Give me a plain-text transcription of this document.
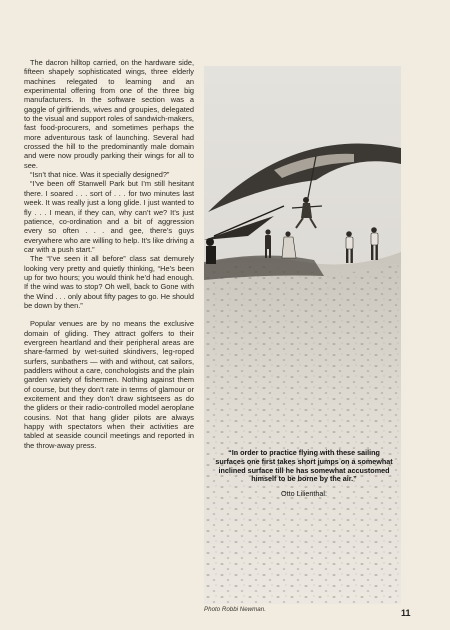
The dacron hilltop carried, on the hardware side, fifteen shapely sophisticated wings, three elderly machines relegated to learning and an experimental offering from one of the three big manufacturers. In the software section was a gaggle of girlfriends, wives and groupies, delegated to the visual and support roles of sandwich-makers, fast food-procurers, and sometimes perhaps the more adventurous task of launching. Several had crossed the hill to the predominantly male domain and were now proudly parking their wings for all to see.

“Isn’t that nice. Was it specially designed?”

“I’ve been off Stanwell Park but I’m still hesitant there. I soared . . . sort of . . . for two minutes last week. It was really just a long glide. I just wanted to fly . . . I mean, if they can, why can’t we? It’s just patience, co-ordination and a bit of aggression every so often . . . and gee, there’s guys everywhere who are willing to help. It’s like driving a car with a push start.”

The “I’ve seen it all before” class sat demurely looking very pretty and quietly thinking, “He’s been up for two hours; you would think he’d had enough. If the wind was to stop? Oh well, back to Gone with the Wind . . . only about fifty pages to go. He should be down by then.”

Popular venues are by no means the exclusive domain of gliding. They attract golfers to their evergreen heartland and their peripheral areas are share-farmed by wet-suited skindivers, leg-roped surfers, sunbathers — with and without, cat sailors, paddlers without a care, conchologists and the plain garden variety of fishermen. Nothing against them of course, but they don’t rate in terms of glamour or excitement and they don’t draw sightseers as do the gliders or their radio-controlled model aeroplane cousins. Not that hang glider pilots are always happy with spectators when their activities are tabled at seaside council meetings and reported in the throw-away press.

“In order to practice flying with these sailing surfaces one first takes short jumps on a somewhat inclined surface till he has somewhat accustomed himself to be borne by the air.”
Otto Lilienthal.
Photo Robbi Newman.	11
